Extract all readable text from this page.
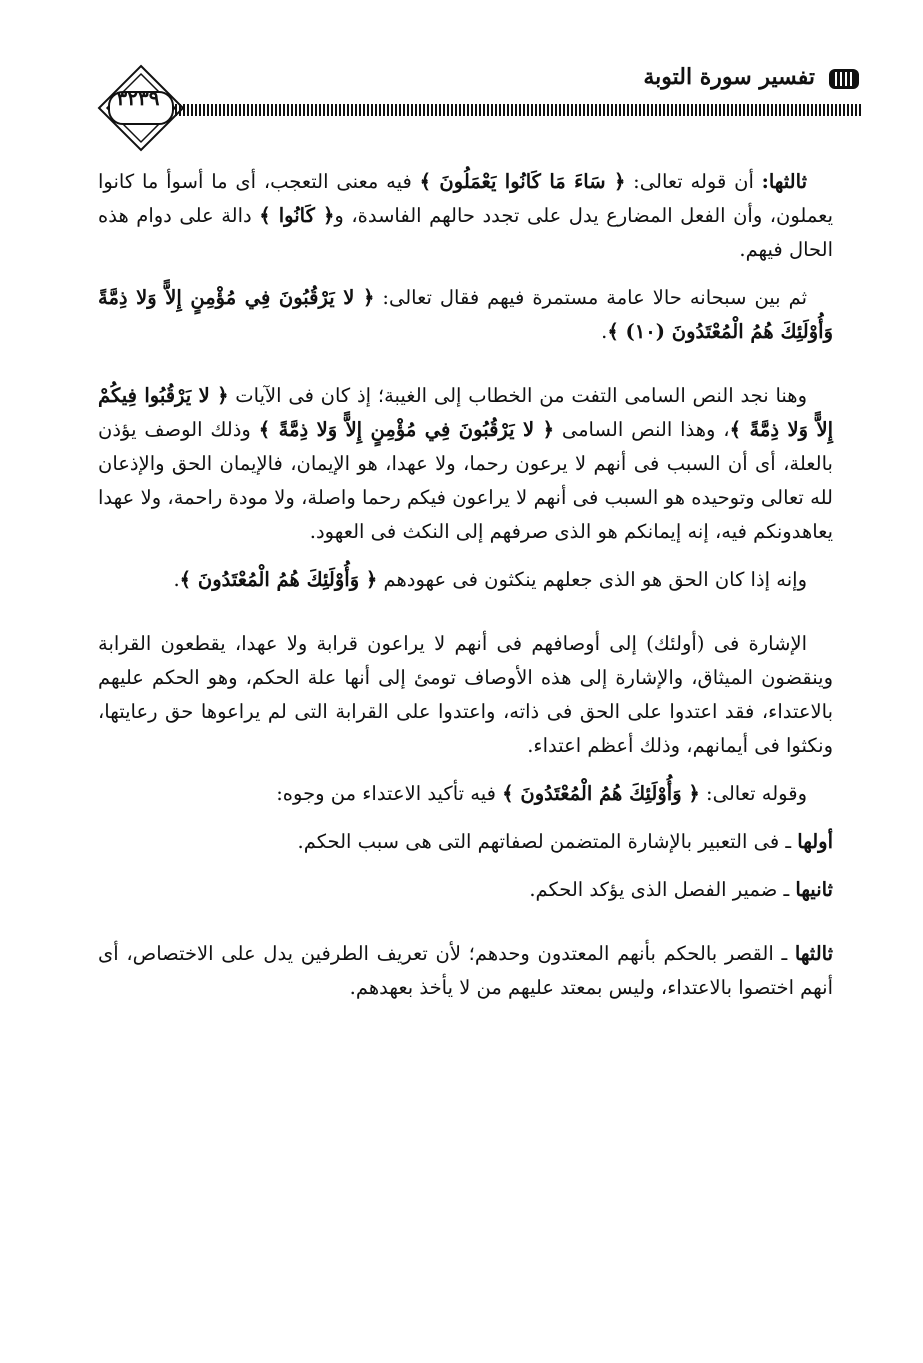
تفسير سورة التوبة
٣٢٣٩

ثالثها: أن قوله تعالى: ﴿ سَاءَ مَا كَانُوا يَعْمَلُونَ ﴾ فيه معنى التعجب، أى ما أسوأ ما كانوا يعملون، وأن الفعل المضارع يدل على تجدد حالهم الفاسدة، و﴿ كَانُوا ﴾ دالة على دوام هذه الحال فيهم.

ثم بين سبحانه حالا عامة مستمرة فيهم فقال تعالى: ﴿ لا يَرْقُبُونَ فِي مُؤْمِنٍ إِلاًّ وَلا ذِمَّةً وَأُوْلَئِكَ هُمُ الْمُعْتَدُونَ (١٠) ﴾.

وهنا نجد النص السامى التفت من الخطاب إلى الغيبة؛ إذ كان فى الآيات ﴿ لا يَرْقُبُوا فِيكُمْ إِلاًّ وَلا ذِمَّةً ﴾، وهذا النص السامى ﴿ لا يَرْقُبُونَ فِي مُؤْمِنٍ إِلاًّ وَلا ذِمَّةً ﴾ وذلك الوصف يؤذن بالعلة، أى أن السبب فى أنهم لا يرعون رحما، ولا عهدا، هو الإيمان، فالإيمان الحق والإذعان لله تعالى وتوحيده هو السبب فى أنهم لا يراعون فيكم رحما واصلة، ولا مودة راحمة، ولا عهدا يعاهدونكم فيه، إنه إيمانكم هو الذى صرفهم إلى النكث فى العهود.

وإنه إذا كان الحق هو الذى جعلهم ينكثون فى عهودهم ﴿ وَأُوْلَئِكَ هُمُ الْمُعْتَدُونَ ﴾.

الإشارة فى (أولئك) إلى أوصافهم فى أنهم لا يراعون قرابة ولا عهدا، يقطعون القرابة وينقضون الميثاق، والإشارة إلى هذه الأوصاف تومئ إلى أنها علة الحكم، وهو الحكم عليهم بالاعتداء، فقد اعتدوا على الحق فى ذاته، واعتدوا على القرابة التى لم يراعوها حق رعايتها، ونكثوا فى أيمانهم، وذلك أعظم اعتداء.

وقوله تعالى: ﴿ وَأُوْلَئِكَ هُمُ الْمُعْتَدُونَ ﴾ فيه تأكيد الاعتداء من وجوه:

أولها ـ فى التعبير بالإشارة المتضمن لصفاتهم التى هى سبب الحكم.

ثانيها ـ ضمير الفصل الذى يؤكد الحكم.

ثالثها ـ القصر بالحكم بأنهم المعتدون وحدهم؛ لأن تعريف الطرفين يدل على الاختصاص، أى أنهم اختصوا بالاعتداء، وليس بمعتد عليهم من لا يأخذ بعهدهم.
